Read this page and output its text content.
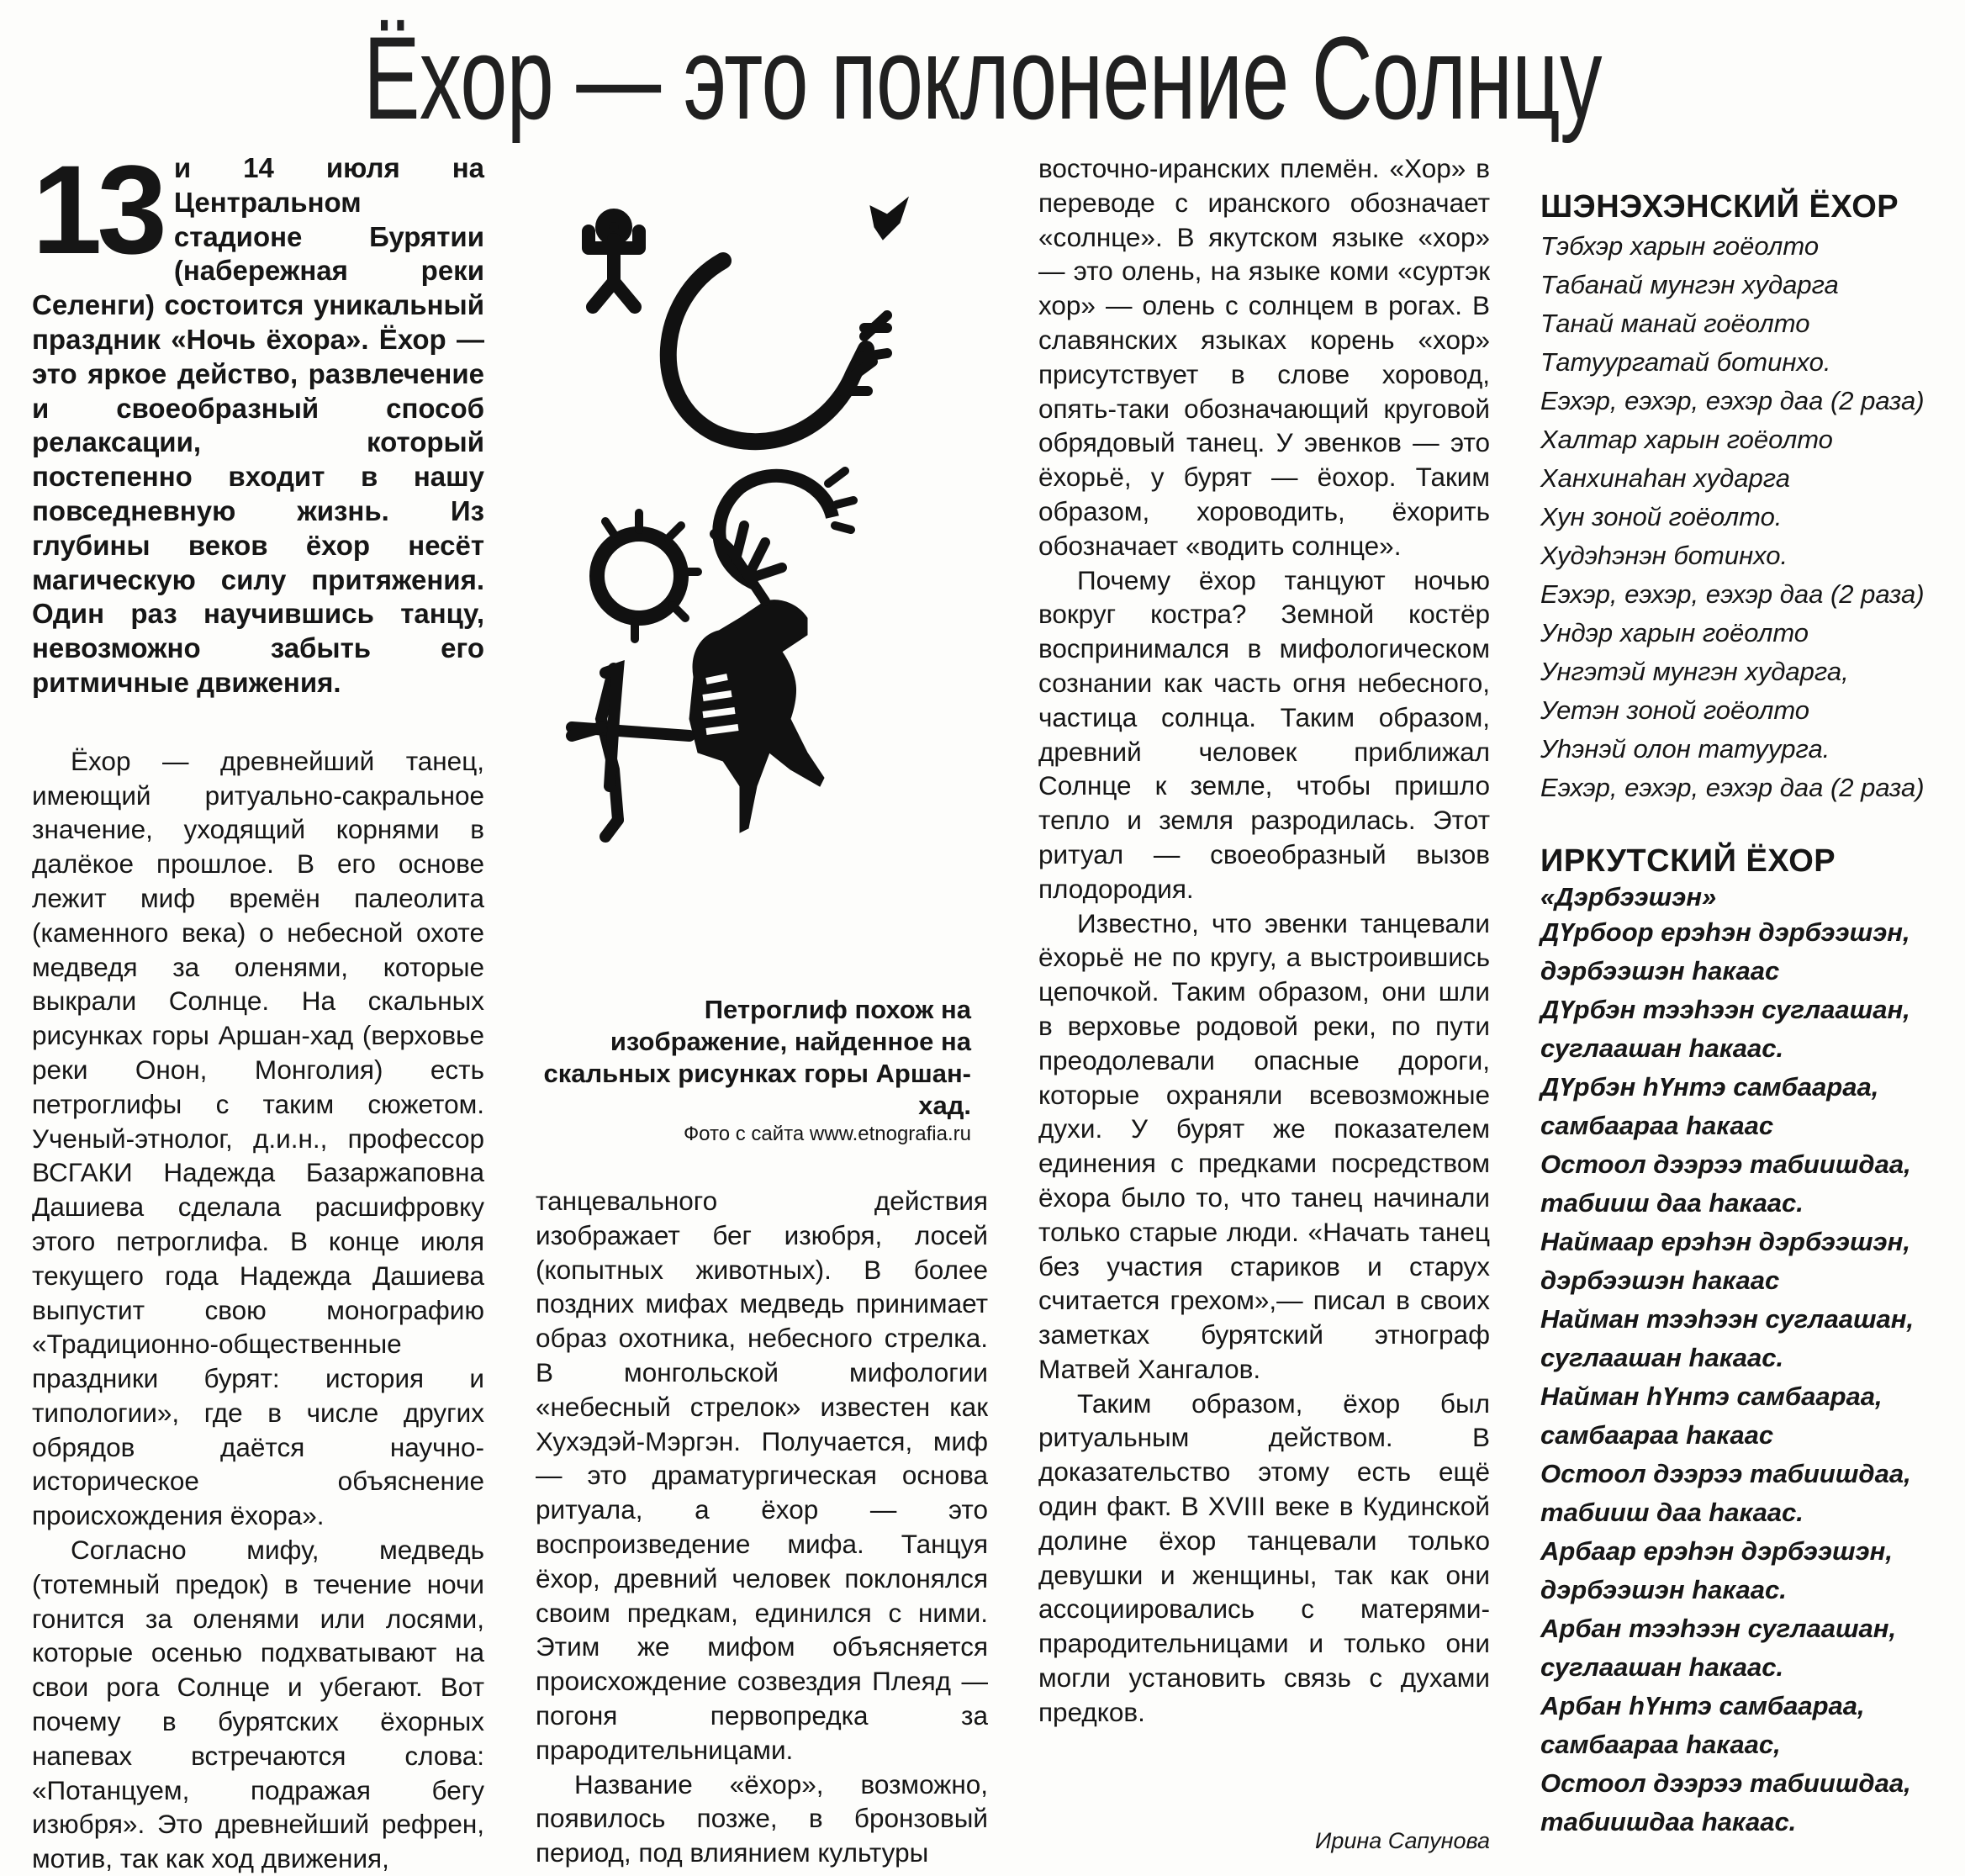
Ёхор — это поклонение Солнцу

13 и 14 июля на Центральном стадионе Бурятии (набережная реки Селенги) состоится уникальный праздник «Ночь ёхора». Ёхор — это яркое действо, развлечение и своеобразный способ релаксации, который постепенно входит в нашу повседневную жизнь. Из глубины веков ёхор несёт магическую силу притяжения. Один раз научившись танцу, невозможно забыть его ритмичные движения.

Ёхор — древнейший танец, имеющий ритуально-сакральное значение, уходящий корнями в далёкое прошлое. В его основе лежит миф времён палеолита (каменного века) о небесной охоте медведя за оленями, которые выкрали Солнце. На скальных рисунках горы Аршан-хад (верховье реки Онон, Монголия) есть петроглифы с таким сюжетом. Ученый-этнолог, д.и.н., профессор ВСГАКИ Надежда Базаржаповна Дашиева сделала расшифровку этого петроглифа. В конце июля текущего года Надежда Дашиева выпустит свою монографию «Традиционно-общественные праздники бурят: история и типологии», где в числе других обрядов даётся научно-историческое объяснение происхождения ёхора».

Согласно мифу, медведь (тотемный предок) в течение ночи гонится за оленями или лосями, которые осенью подхватывают на свои рога Солнце и убегают. Вот почему в бурятских ёхорных напевах встречаются слова: «Потанцуем, подражая бегу изюбря». Это древнейший рефрен, мотив, так как ход движения,

Петроглиф похож на изображение, найденное на скальных рисунках горы Аршан-хад.
Фото с сайта www.etnografia.ru

танцевального действия изображает бег изюбря, лосей (копытных животных). В более поздних мифах медведь принимает образ охотника, небесного стрелка. В монгольской мифологии «небесный стрелок» известен как Хухэдэй-Мэргэн. Получается, миф — это драматургическая основа ритуала, а ёхор — это воспроизведение мифа. Танцуя ёхор, древний человек поклонялся своим предкам, единился с ними. Этим же мифом объясняется происхождение созвездия Плеяд — погоня первопредка за прародительницами.

Название «ёхор», возможно, появилось позже, в бронзовый период, под влиянием культуры

восточно-иранских племён. «Хор» в переводе с иранского обозначает «солнце». В якутском языке «хор» — это олень, на языке коми «суртэк хор» — олень с солнцем в рогах. В славянских языках корень «хор» присутствует в слове хоровод, опять-таки обозначающий круговой обрядовый танец. У эвенков — это ёхорьё, у бурят — ёохор. Таким образом, хороводить, ёхорить обозначает «водить солнце».

Почему ёхор танцуют ночью вокруг костра? Земной костёр воспринимался в мифологическом сознании как часть огня небесного, частица солнца. Таким образом, древний человек приближал Солнце к земле, чтобы пришло тепло и земля разродилась. Этот ритуал — своеобразный вызов плодородия.

Известно, что эвенки танцевали ёхорьё не по кругу, а выстроившись цепочкой. Таким образом, они шли в верховье родовой реки, по пути преодолевали опасные дороги, которые охраняли всевозможные духи. У бурят же показателем единения с предками посредством ёхора было то, что танец начинали только старые люди. «Начать танец без участия стариков и старух считается грехом»,— писал в своих заметках бурятский этнограф Матвей Хангалов.

Таким образом, ёхор был ритуальным действом. В доказательство этому есть ещё один факт. В XVIII веке в Кудинской долине ёхор танцевали только девушки и женщины, так как они ассоциировались с матерями-прародительницами и только они могли установить связь с духами предков.

Ирина Сапунова
ШЭНЭХЭНСКИЙ ЁХОР
Тэбхэр харын гоёолто
Табанай мунгэн хударга
Танай манай гоёолто
Татуургатай ботинхо.
Еэхэр, еэхэр, еэхэр даа (2 раза)
Халтар харын гоёолто
Ханхинаһан хударга
Хун зоной гоёолто.
Худэһэнэн ботинхо.
Еэхэр, еэхэр, еэхэр даа (2 раза)
Ундэр харын гоёолто
Унгэтэй мунгэн хударга,
Уетэн зоной гоёолто
Уһэнэй олон татуурга.
Еэхэр, еэхэр, еэхэр даа (2 раза)
ИРКУТСКИЙ ЁХОР
«Дэрбээшэн»
ДҮрбоор ерэһэн дэрбээшэн,
дэрбээшэн һакаас
ДҮрбэн тээһээн суглаашан,
суглаашан һакаас.
ДҮрбэн һҮнтэ самбаараа,
самбаараа һакаас
Остоол дээрээ табиишдаа,
табииш даа һакаас.
Наймаар ерэһэн дэрбээшэн,
дэрбээшэн һакаас
Найман тээһээн суглаашан,
суглаашан һакаас.
Найман һҮнтэ самбаараа,
самбаараа һакаас
Остоол дээрээ табиишдаа,
табииш даа һакаас.
Арбаар ерэһэн дэрбээшэн,
дэрбээшэн һакаас.
Арбан тээһээн суглаашан,
суглаашан һакаас.
Арбан һҮнтэ самбаараа,
самбаараа һакаас,
Остоол дээрээ табиишдаа,
табиишдаа һакаас.
